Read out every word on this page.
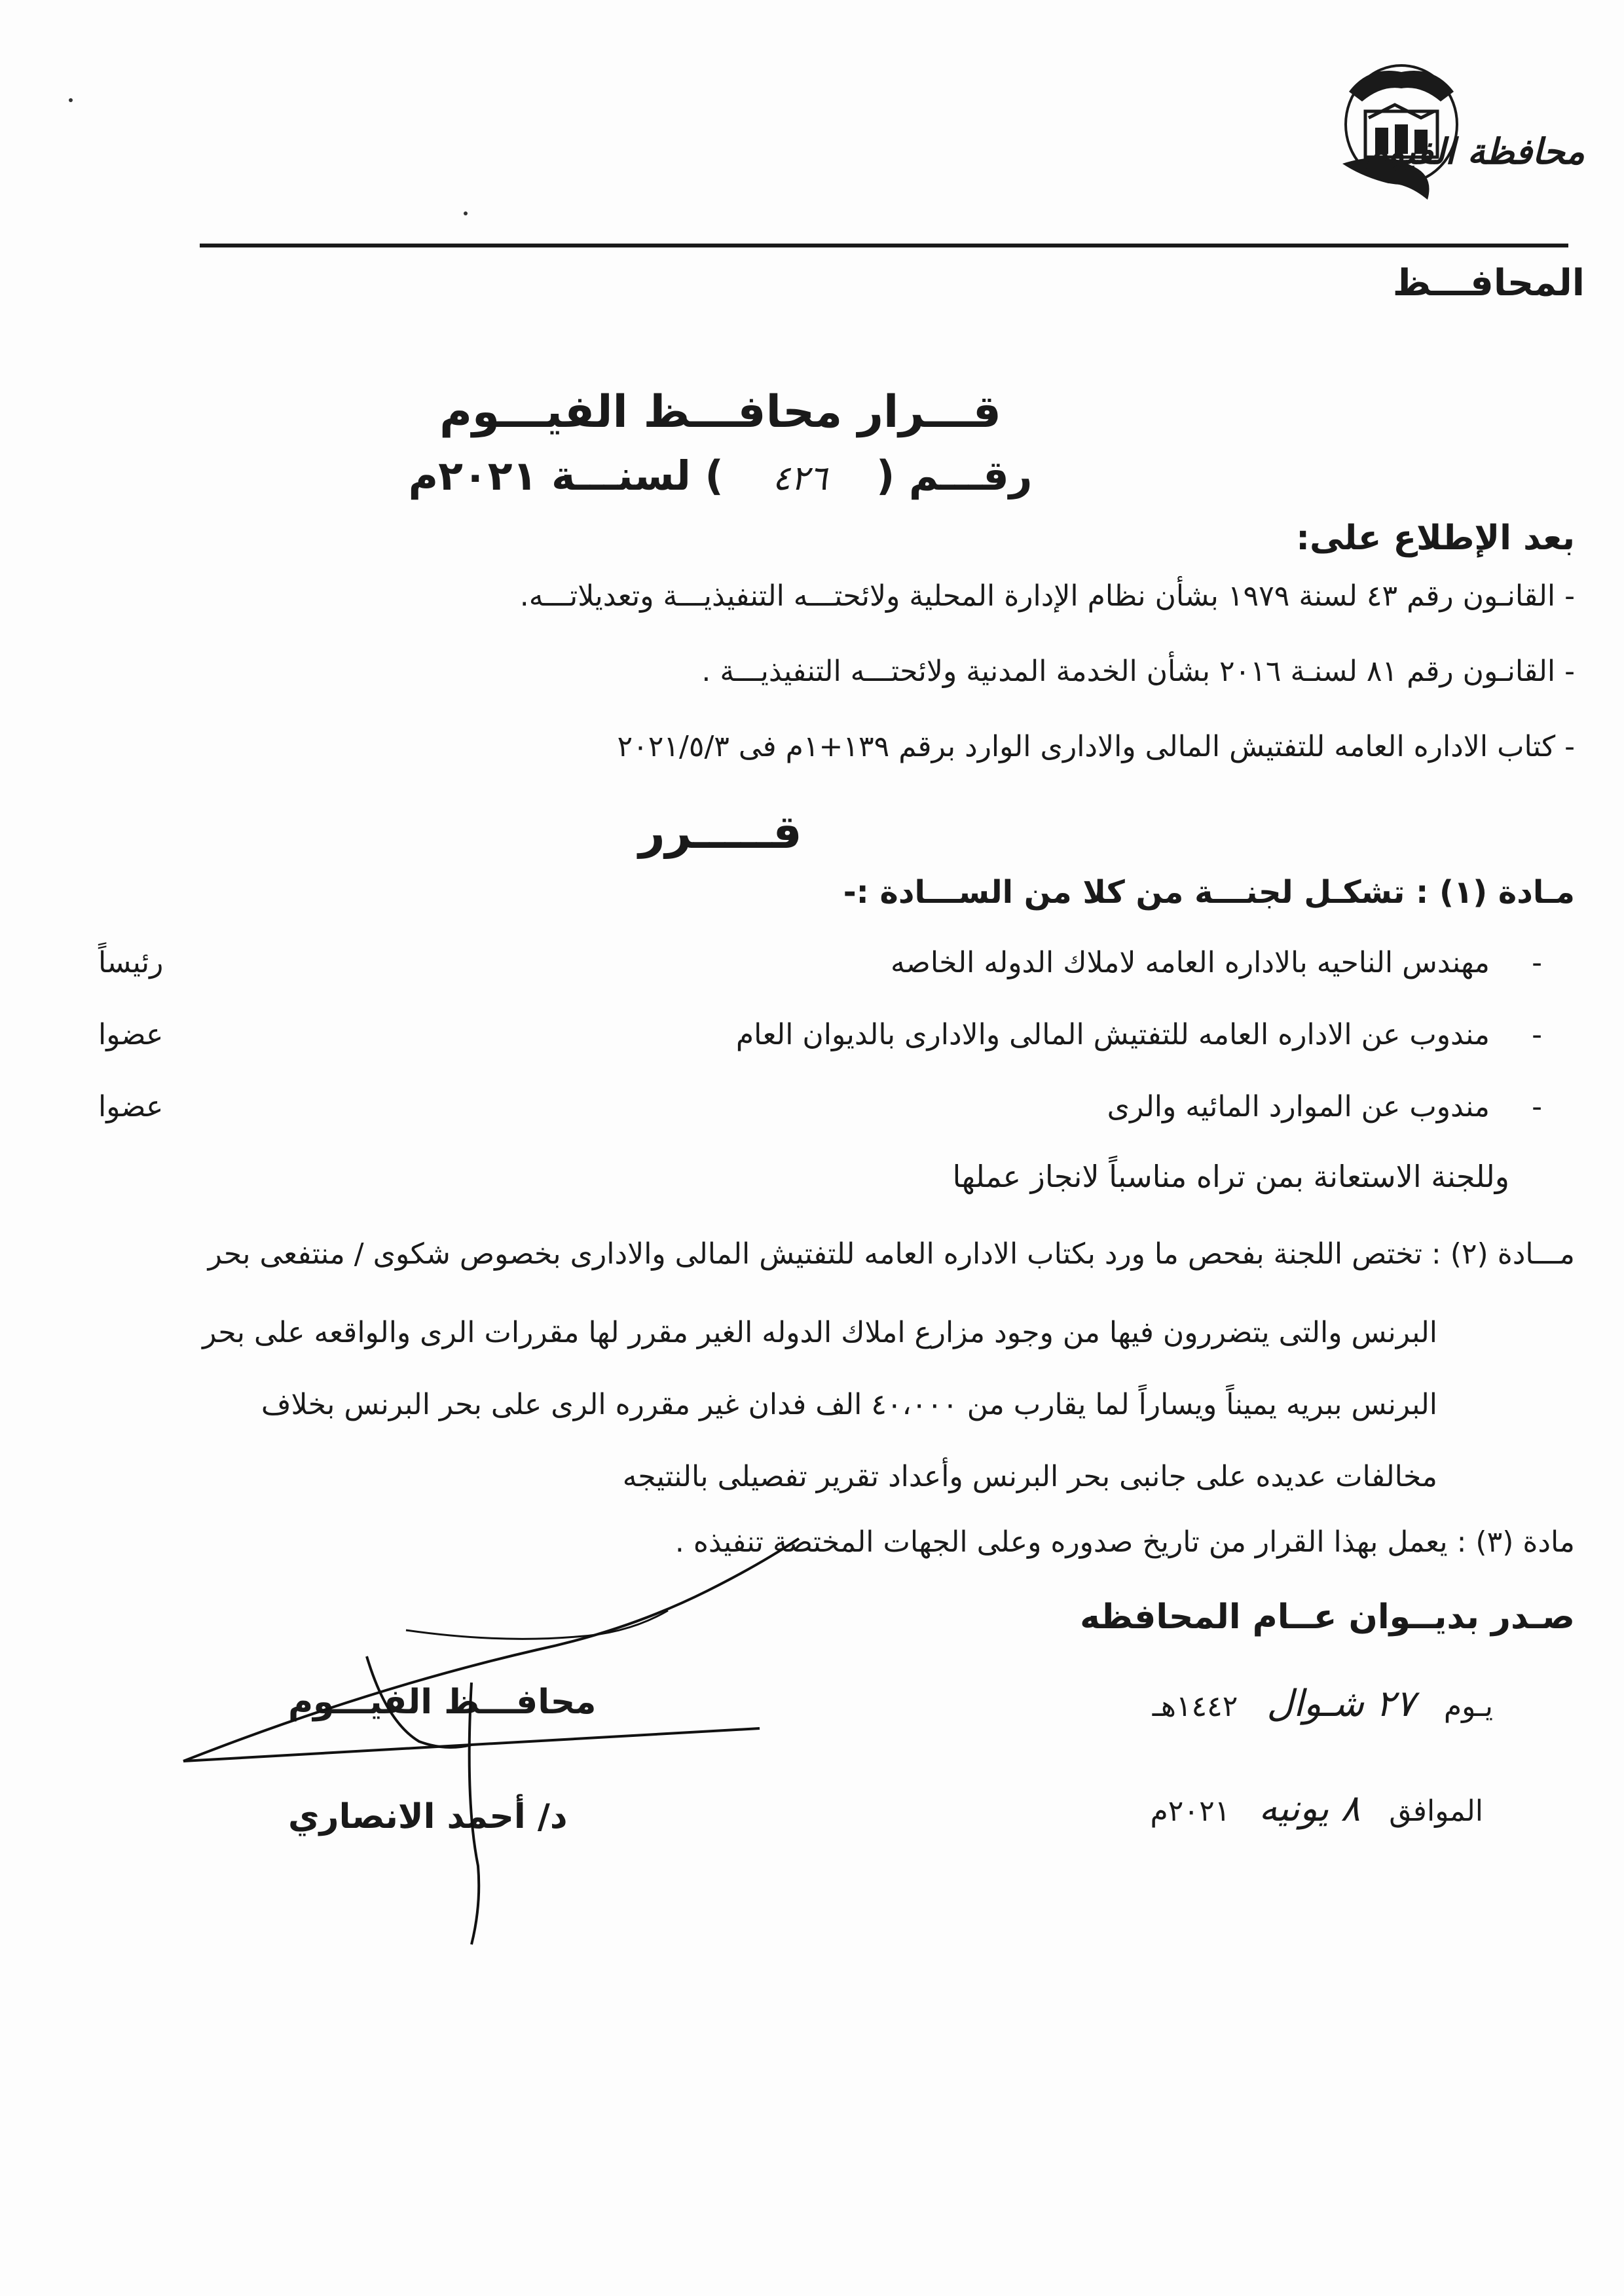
محافظة الفيوم
المحافـــظ
قـــرار محافـــظ الفيـــوم
رقـــم ( ٤٢٦ ) لسنـــة ٢٠٢١م
بعد الإطلاع على:
- القانـون رقم ٤٣ لسنة ١٩٧٩ بشأن نظام الإدارة المحلية ولائحتـــه التنفيذيـــة وتعديلاتـــه.
- القانـون رقم ٨١ لسنـة ٢٠١٦ بشأن الخدمة المدنية ولائحتـــه التنفيذيـــة .
- كتاب الاداره العامه للتفتيش المالى والادارى الوارد برقم ١٣٩+١م فى ٢٠٢١/٥/٣
قـــــرر
مـادة (١) : تشكـل لجنـــة من كلا من الســـادة :-
-
مهندس الناحيه بالاداره العامه لاملاك الدوله الخاصه
رئيساً
-
مندوب عن الاداره العامه للتفتيش المالى والادارى بالديوان العام
عضوا
-
مندوب عن الموارد المائيه والرى
عضوا
وللجنة الاستعانة بمن تراه مناسباً لانجاز عملها
مـــادة (٢) : تختص اللجنة بفحص ما ورد بكتاب الاداره العامه للتفتيش المالى والادارى بخصوص شكوى / منتفعى بحر
البرنس والتى يتضررون فيها من وجود مزارع املاك الدوله الغير مقرر لها مقررات الرى والواقعه على بحر
البرنس ببريه يميناً ويساراً لما يقارب من ٤٠،٠٠٠ الف فدان غير مقرره الرى على بحر البرنس بخلاف
مخالفات عديده على جانبى بحر البرنس وأعداد تقرير تفصيلى بالنتيجه
مادة (٣) : يعمل بهذا القرار من تاريخ صدوره وعلى الجهات المختصة تنفيذه .
صـدر بديــوان عــام المحافظه
يـوم ٢٧ شـوال ١٤٤٢هـ
الموافق ٨ يونيه ٢٠٢١م
محافـــظ الفيـــوم
د/ أحمد الانصاري
